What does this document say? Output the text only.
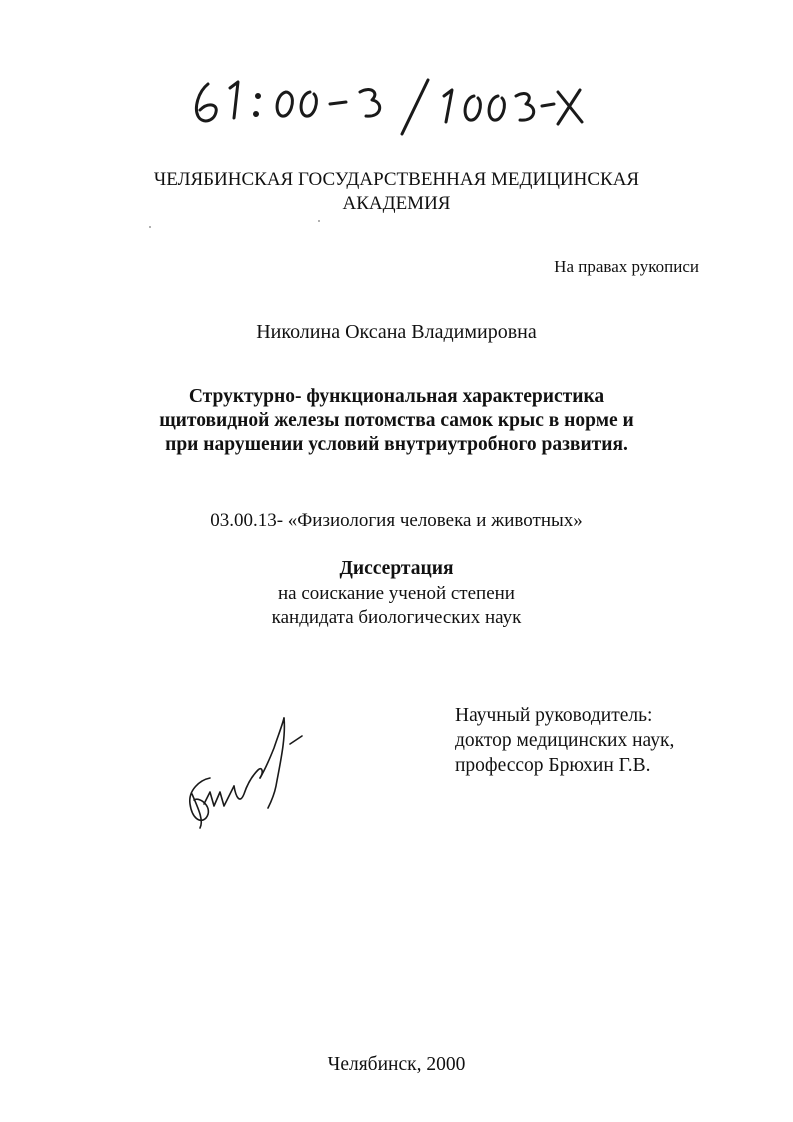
ЧЕЛЯБИНСКАЯ ГОСУДАРСТВЕННАЯ МЕДИЦИНСКАЯ
АКАДЕМИЯ
На правах рукописи
Николина Оксана Владимировна
Структурно- функциональная характеристика
щитовидной железы потомства самок крыс в норме и
при нарушении условий внутриутробного развития.
03.00.13- «Физиология человека и животных»
Диссертация
на соискание ученой степени
кандидата биологических наук
Научный руководитель:
доктор медицинских наук,
профессор Брюхин Г.В.
Челябинск, 2000
